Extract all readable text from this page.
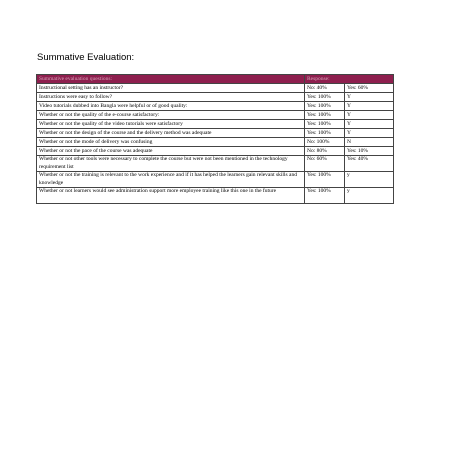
Summative Evaluation:
Summative evaluation questions:	Response:	
Instructional setting has an instructor?	No: 40%	Yes: 60%
Instructions were easy to follow?	Yes: 100%	Y
Video tutorials dubbed into Bangla were helpful or of good quality:	Yes: 100%	Y
Whether or not the quality of the e-course satisfactory:	Yes: 100%	Y
Whether or not the quality of the video tutorials were satisfactory	Yes: 100%	Y
Whether or not the design of the course and the delivery method was adequate	Yes: 100%	Y
Whether or not the mode of delivery was confusing	No: 100%	N
Whether or not the pace of the course was adequate	No: 80%	Yes: 10%
Whether or not other tools were necessary to complete the course but were not been mentioned in the technology requirement list	No: 60%	Yes: 40%
Whether or not the training is relevant to the work experience and if it has helped the learners gain relevant skills and knowledge	Yes: 100%	y
Whether or not learners would see administration support more employee training like this one in the future	Yes: 100%	y
